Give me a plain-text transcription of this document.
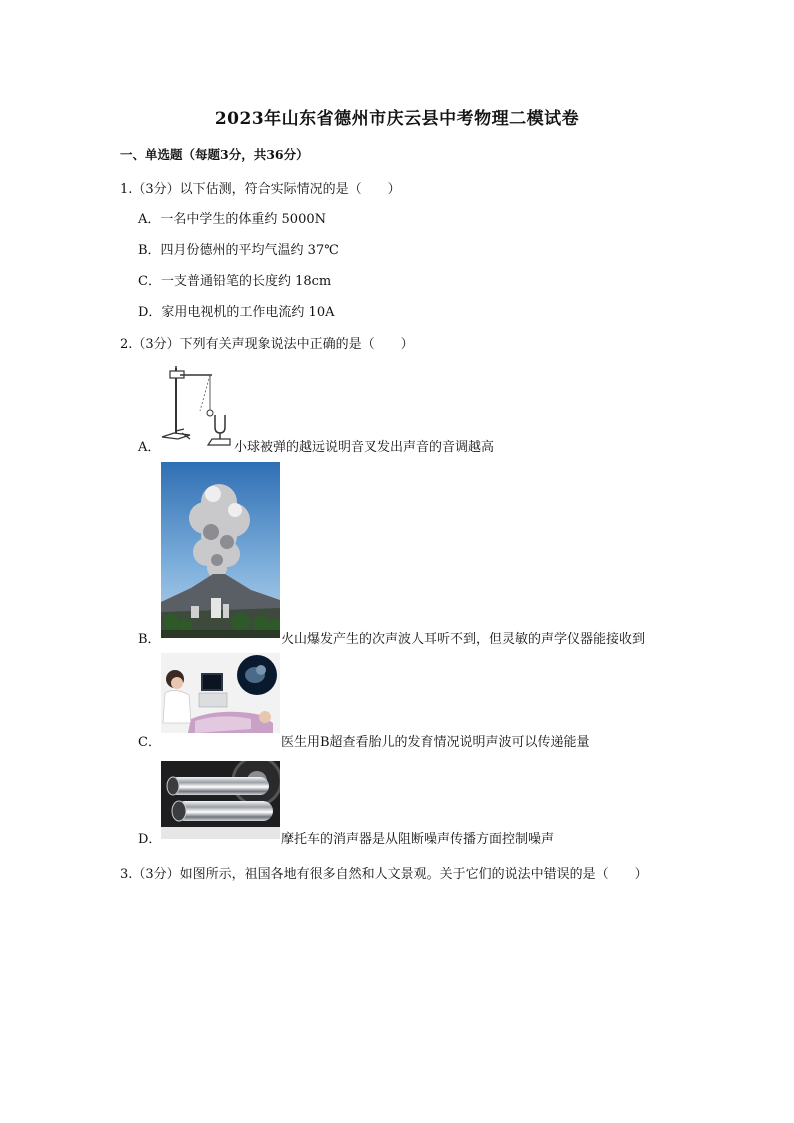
2023年山东省德州市庆云县中考物理二模试卷
一、单选题（每题3分，共36分）
1.（3分）以下估测，符合实际情况的是（　　）
A．一名中学生的体重约 5000N
B．四月份德州的平均气温约 37℃
C．一支普通铅笔的长度约 18cm
D．家用电视机的工作电流约 10A
2.（3分）下列有关声现象说法中正确的是（　　）
A．	小球被弹的越远说明音叉发出声音的音调越高
B．	火山爆发产生的次声波人耳听不到，但灵敏的声学仪器能接收到
C．	医生用B超查看胎儿的发育情况说明声波可以传递能量
D．	摩托车的消声器是从阻断噪声传播方面控制噪声
3.（3分）如图所示，祖国各地有很多自然和人文景观。关于它们的说法中错误的是（　　）
